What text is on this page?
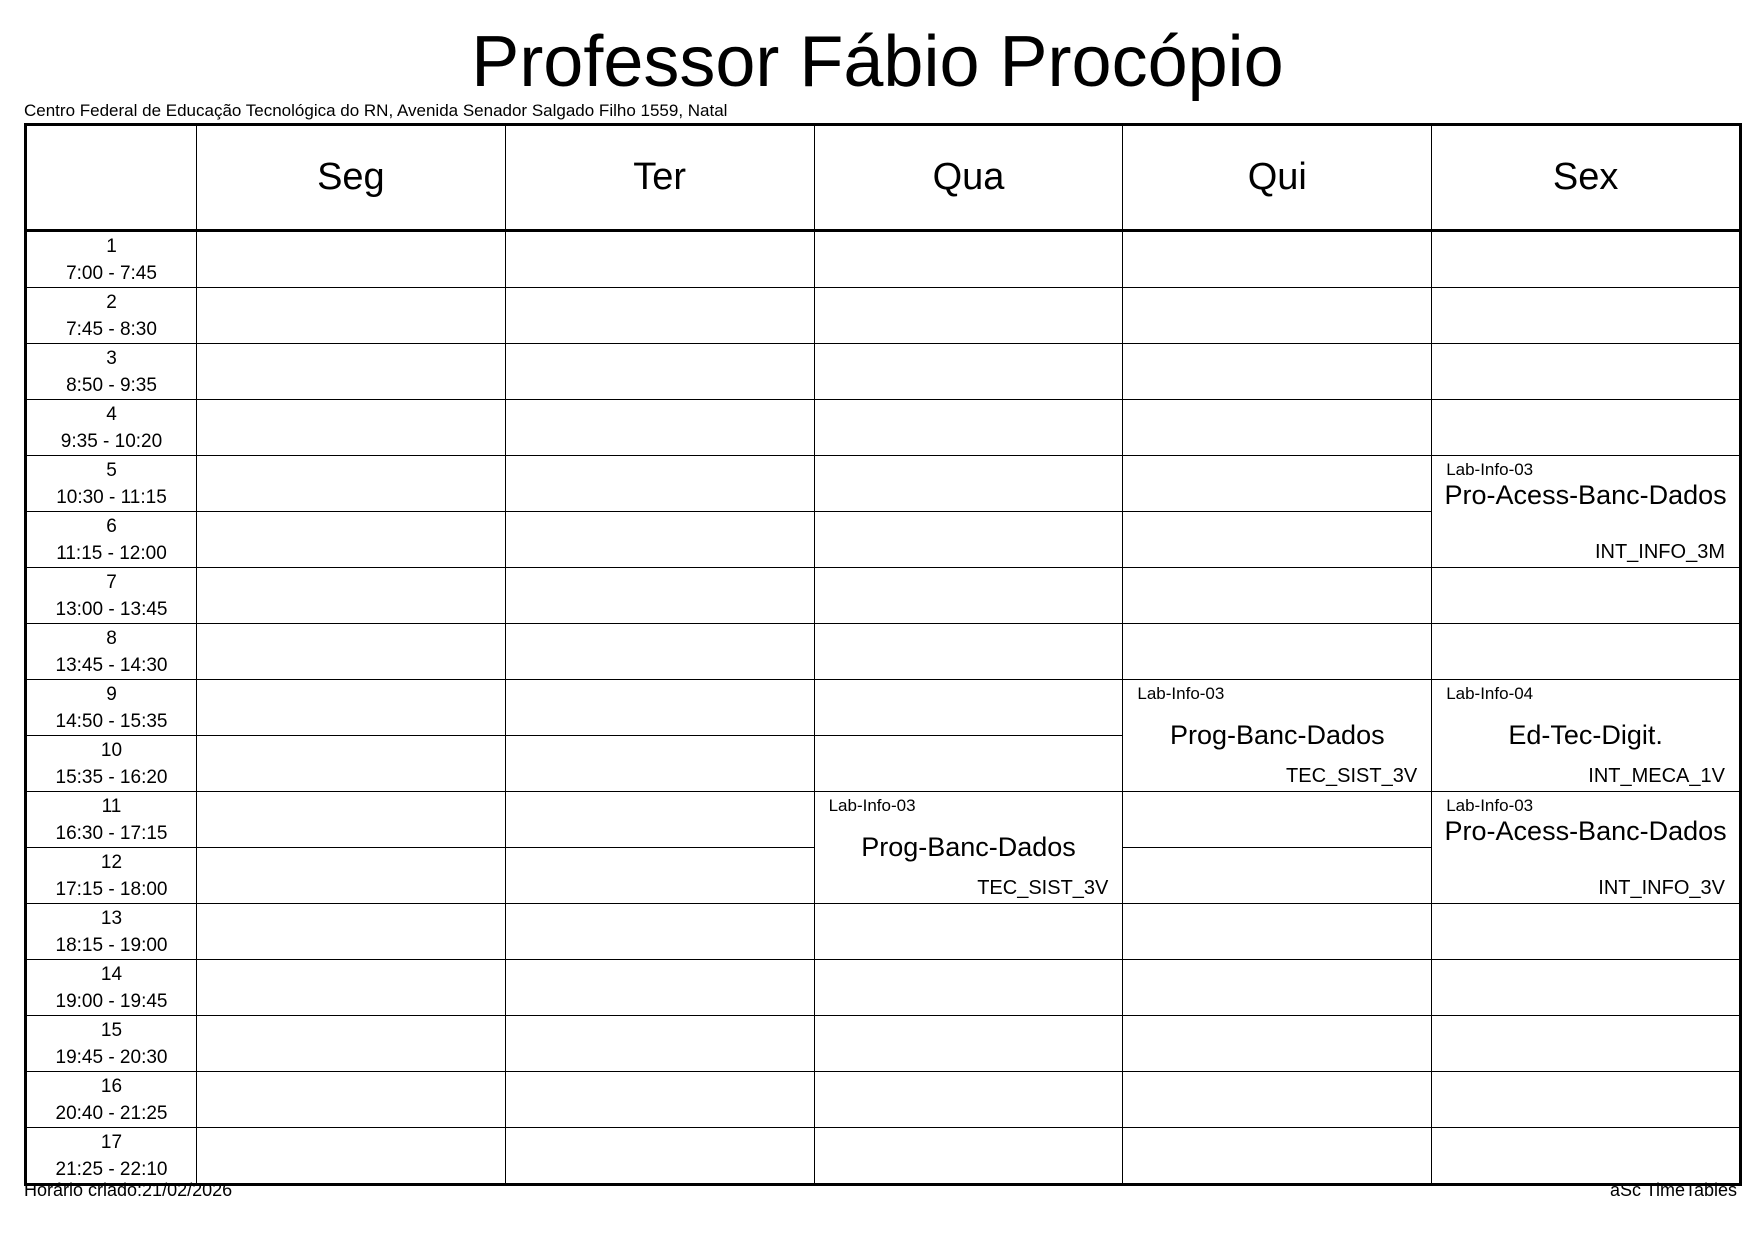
Professor Fábio Procópio
Centro Federal de Educação Tecnológica do RN, Avenida Senador Salgado Filho 1559, Natal
	Seg	Ter	Qua	Qui	Sex

1
7:00 - 7:45					

2
7:45 - 8:30					

3
8:50 - 9:35					

4
9:35 - 10:20					

5
10:30 - 11:15					Lab-Info-03
Pro-Acess-Banc-Dados
INT_INFO_3M

6
11:15 - 12:00					

7
13:00 - 13:45					

8
13:45 - 14:30					

9
14:50 - 15:35				Lab-Info-03
Prog-Banc-Dados
TEC_SIST_3V	Lab-Info-04
Ed-Tec-Digit.
INT_MECA_1V

10
15:35 - 16:20					

11
16:30 - 17:15			Lab-Info-03
Prog-Banc-Dados
TEC_SIST_3V		Lab-Info-03
Pro-Acess-Banc-Dados
INT_INFO_3V

12
17:15 - 18:00					

13
18:15 - 19:00					

14
19:00 - 19:45					

15
19:45 - 20:30					

16
20:40 - 21:25					

17
21:25 - 22:10					

Horário criado:21/02/2026	aSc TimeTables
